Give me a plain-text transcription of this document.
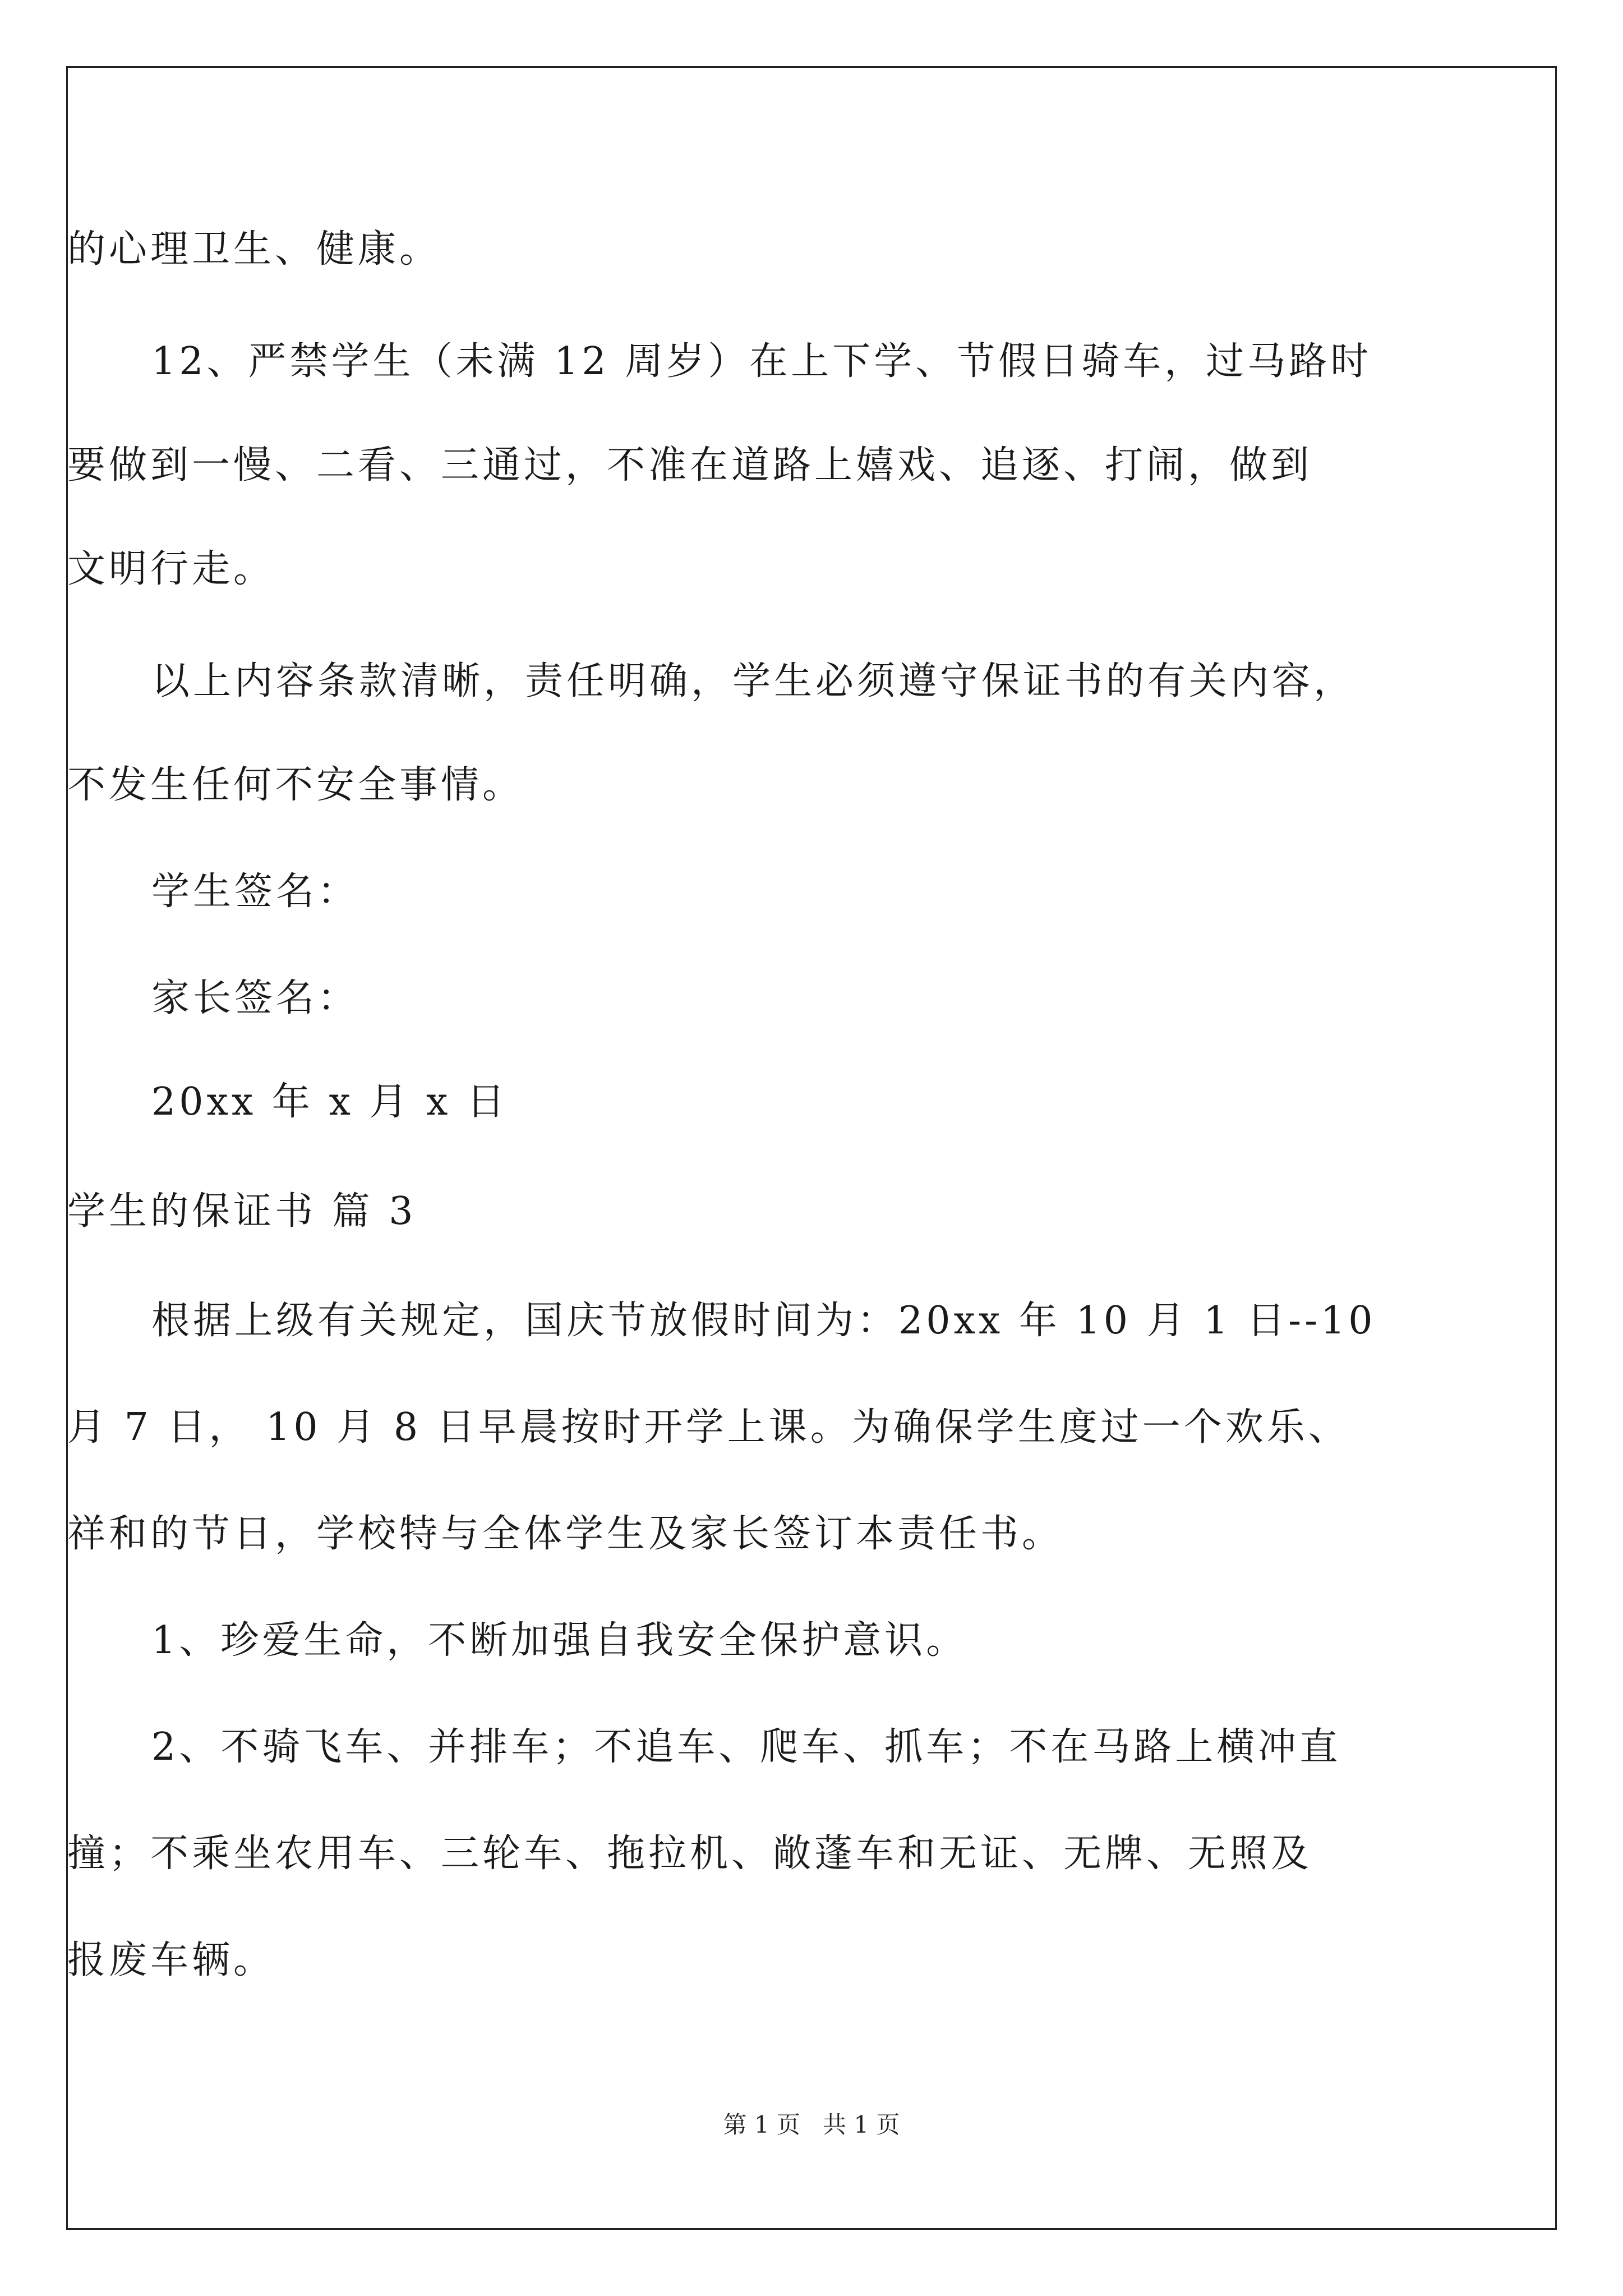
的心理卫生、健康。
12、严禁学生（未满 12 周岁）在上下学、节假日骑车，过马路时
要做到一慢、二看、三通过，不准在道路上嬉戏、追逐、打闹，做到
文明行走。
以上内容条款清晰，责任明确，学生必须遵守保证书的有关内容，
不发生任何不安全事情。
学生签名：
家长签名：
20xx 年 x 月 x 日
学生的保证书 篇 3
根据上级有关规定，国庆节放假时间为：20xx 年 10 月 1 日--10
月 7 日， 10 月 8 日早晨按时开学上课。为确保学生度过一个欢乐、
祥和的节日，学校特与全体学生及家长签订本责任书。
1、珍爱生命，不断加强自我安全保护意识。
2、不骑飞车、并排车；不追车、爬车、抓车；不在马路上横冲直
撞；不乘坐农用车、三轮车、拖拉机、敞蓬车和无证、无牌、无照及
报废车辆。
第 1 页   共 1 页
